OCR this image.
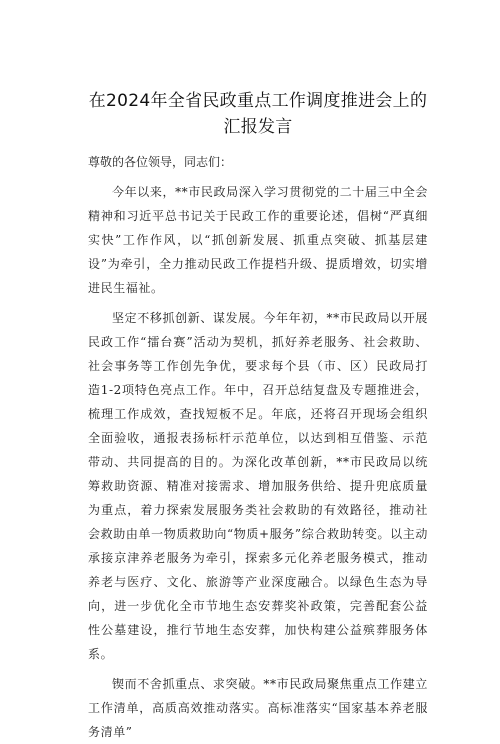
在2024年全省民政重点工作调度推进会上的汇报发言

尊敬的各位领导，同志们：

今年以来，**市民政局深入学习贯彻党的二十届三中全会精神和习近平总书记关于民政工作的重要论述，倡树“严真细实快”工作作风，以“抓创新发展、抓重点突破、抓基层建设”为牵引，全力推动民政工作提档升级、提质增效，切实增进民生福祉。

坚定不移抓创新、谋发展。今年年初，**市民政局以开展民政工作“擂台赛”活动为契机，抓好养老服务、社会救助、社会事务等工作创先争优，要求每个县（市、区）民政局打造1-2项特色亮点工作。年中，召开总结复盘及专题推进会，梳理工作成效，查找短板不足。年底，还将召开现场会组织全面验收，通报表扬标杆示范单位，以达到相互借鉴、示范带动、共同提高的目的。为深化改革创新，**市民政局以统筹救助资源、精准对接需求、增加服务供给、提升兜底质量为重点，着力探索发展服务类社会救助的有效路径，推动社会救助由单一物质救助向“物质+服务”综合救助转变。以主动承接京津养老服务为牵引，探索多元化养老服务模式，推动养老与医疗、文化、旅游等产业深度融合。以绿色生态为导向，进一步优化全市节地生态安葬奖补政策，完善配套公益性公墓建设，推行节地生态安葬，加快构建公益殡葬服务体系。

锲而不舍抓重点、求突破。**市民政局聚焦重点工作建立工作清单，高质高效推动落实。高标准落实“国家基本养老服务清单”
